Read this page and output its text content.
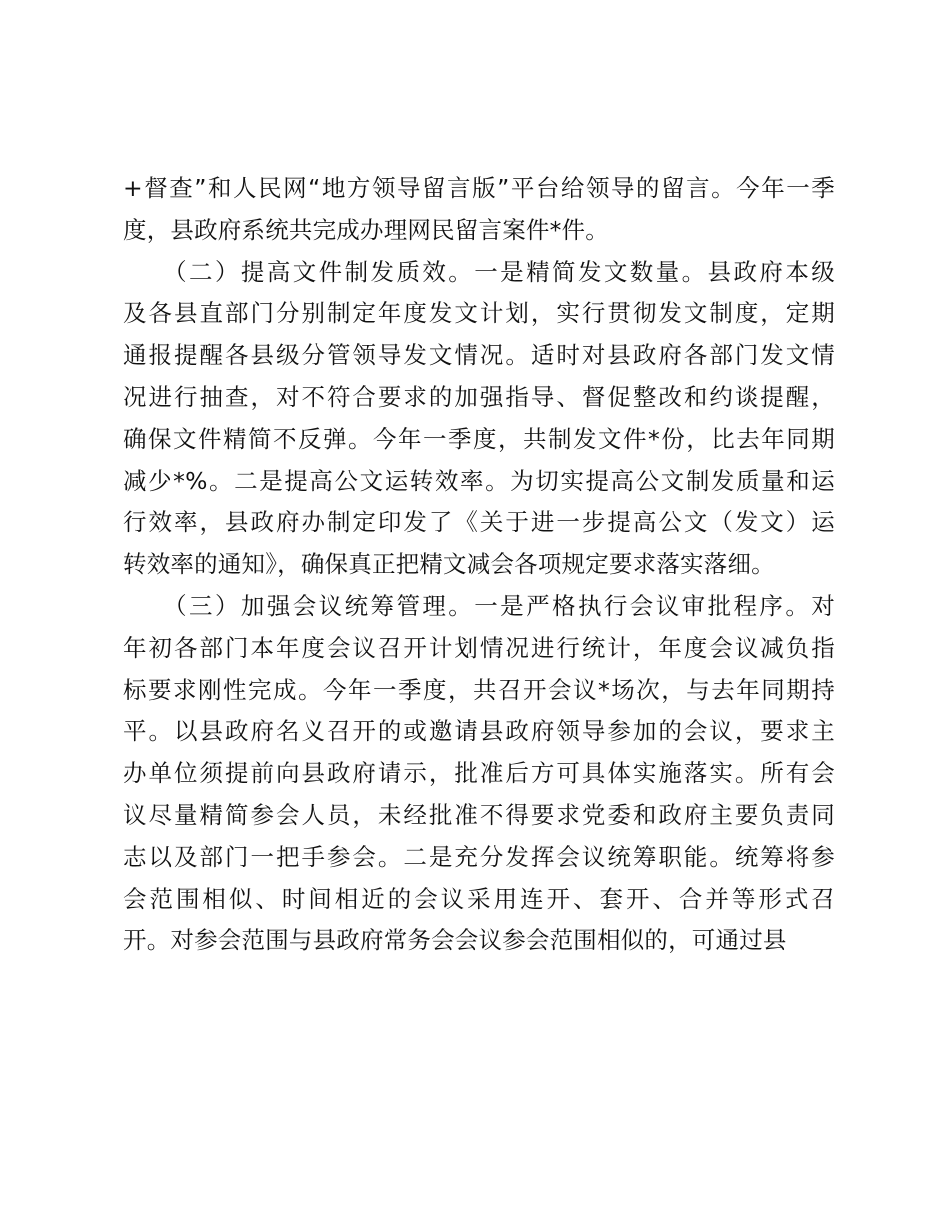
+督查”和人民网“地方领导留言版”平台给领导的留言。今年一季
度，县政府系统共完成办理网民留言案件*件。
　　（二）提高文件制发质效。一是精简发文数量。县政府本级
及各县直部门分别制定年度发文计划，实行贯彻发文制度，定期
通报提醒各县级分管领导发文情况。适时对县政府各部门发文情
况进行抽查，对不符合要求的加强指导、督促整改和约谈提醒，
确保文件精简不反弹。今年一季度，共制发文件*份，比去年同期
减少*%。二是提高公文运转效率。为切实提高公文制发质量和运
行效率，县政府办制定印发了《关于进一步提高公文（发文）运
转效率的通知》，确保真正把精文减会各项规定要求落实落细。
　　（三）加强会议统筹管理。一是严格执行会议审批程序。对
年初各部门本年度会议召开计划情况进行统计，年度会议减负指
标要求刚性完成。今年一季度，共召开会议*场次，与去年同期持
平。以县政府名义召开的或邀请县政府领导参加的会议，要求主
办单位须提前向县政府请示，批准后方可具体实施落实。所有会
议尽量精简参会人员，未经批准不得要求党委和政府主要负责同
志以及部门一把手参会。二是充分发挥会议统筹职能。统筹将参
会范围相似、时间相近的会议采用连开、套开、合并等形式召
开。对参会范围与县政府常务会会议参会范围相似的，可通过县
